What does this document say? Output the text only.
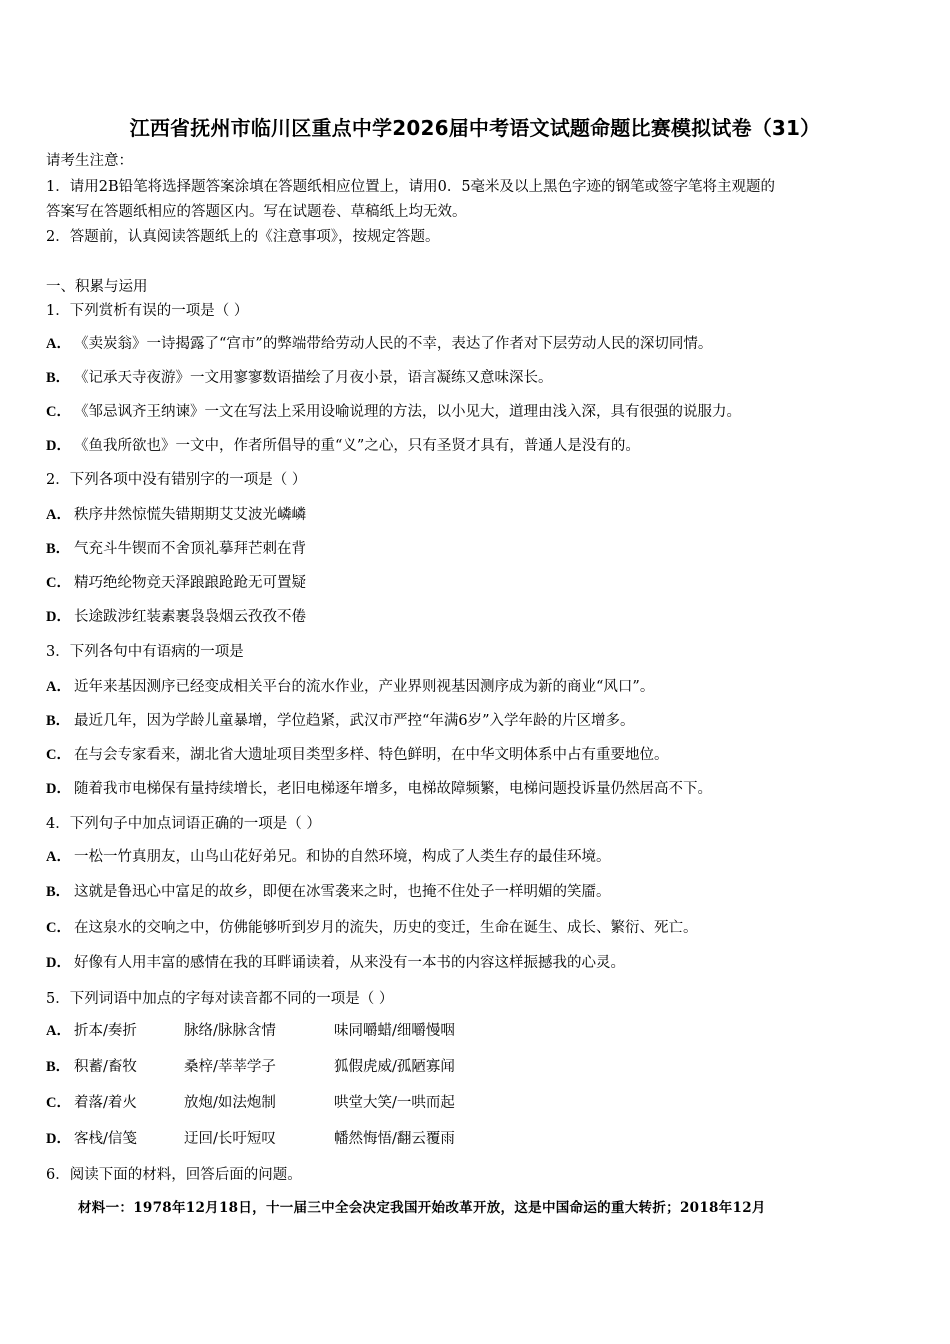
江西省抚州市临川区重点中学2026届中考语文试题命题比赛模拟试卷（31）
请考生注意：
1．请用2B铅笔将选择题答案涂填在答题纸相应位置上，请用0．5毫米及以上黑色字迹的钢笔或签字笔将主观题的
答案写在答题纸相应的答题区内。写在试题卷、草稿纸上均无效。
2．答题前，认真阅读答题纸上的《注意事项》，按规定答题。
一、积累与运用
1．下列赏析有误的一项是（ ）
A． 《卖炭翁》一诗揭露了“宫市”的弊端带给劳动人民的不幸，表达了作者对下层劳动人民的深切同情。
B． 《记承天寺夜游》一文用寥寥数语描绘了月夜小景，语言凝练又意味深长。
C． 《邹忌讽齐王纳谏》一文在写法上采用设喻说理的方法，以小见大，道理由浅入深，具有很强的说服力。
D． 《鱼我所欲也》一文中，作者所倡导的重“义”之心，只有圣贤才具有，普通人是没有的。
2．下列各项中没有错别字的一项是（ ）
A． 秩序井然惊慌失错期期艾艾波光嶙嶙
B． 气充斗牛锲而不舍顶礼摹拜芒刺在背
C． 精巧绝纶物竞天泽踉踉跄跄无可置疑
D． 长途跋涉红装素裹袅袅烟云孜孜不倦
3．下列各句中有语病的一项是
A． 近年来基因测序已经变成相关平台的流水作业，产业界则视基因测序成为新的商业“风口”。
B． 最近几年，因为学龄儿童暴增，学位趋紧，武汉市严控“年满6岁”入学年龄的片区增多。
C． 在与会专家看来，湖北省大遗址项目类型多样、特色鲜明，在中华文明体系中占有重要地位。
D． 随着我市电梯保有量持续增长，老旧电梯逐年增多，电梯故障频繁，电梯问题投诉量仍然居高不下。
4．下列句子中加点词语正确的一项是（ ）
A． 一松一竹真朋友，山鸟山花好弟兄。和协的自然环境，构成了人类生存的最佳环境。
B． 这就是鲁迅心中富足的故乡，即便在冰雪袭来之时，也掩不住处子一样明媚的笑靥。
C． 在这泉水的交响之中，仿佛能够听到岁月的流失，历史的变迁，生命在诞生、成长、繁衍、死亡。
D． 好像有人用丰富的感情在我的耳畔诵读着，从来没有一本书的内容这样振撼我的心灵。
5．下列词语中加点的字每对读音都不同的一项是（ ）
A． 折本/奏折	脉络/脉脉含情	味同嚼蜡/细嚼慢咽
B． 积蓄/畜牧	桑梓/莘莘学子	狐假虎威/孤陋寡闻
C． 着落/着火	放炮/如法炮制	哄堂大笑/一哄而起
D． 客栈/信笺	迂回/长吁短叹	幡然悔悟/翻云覆雨
6．阅读下面的材料，回答后面的问题。
材料一：1978年12月18日，十一届三中全会决定我国开始改革开放，这是中国命运的重大转折；2018年12月
